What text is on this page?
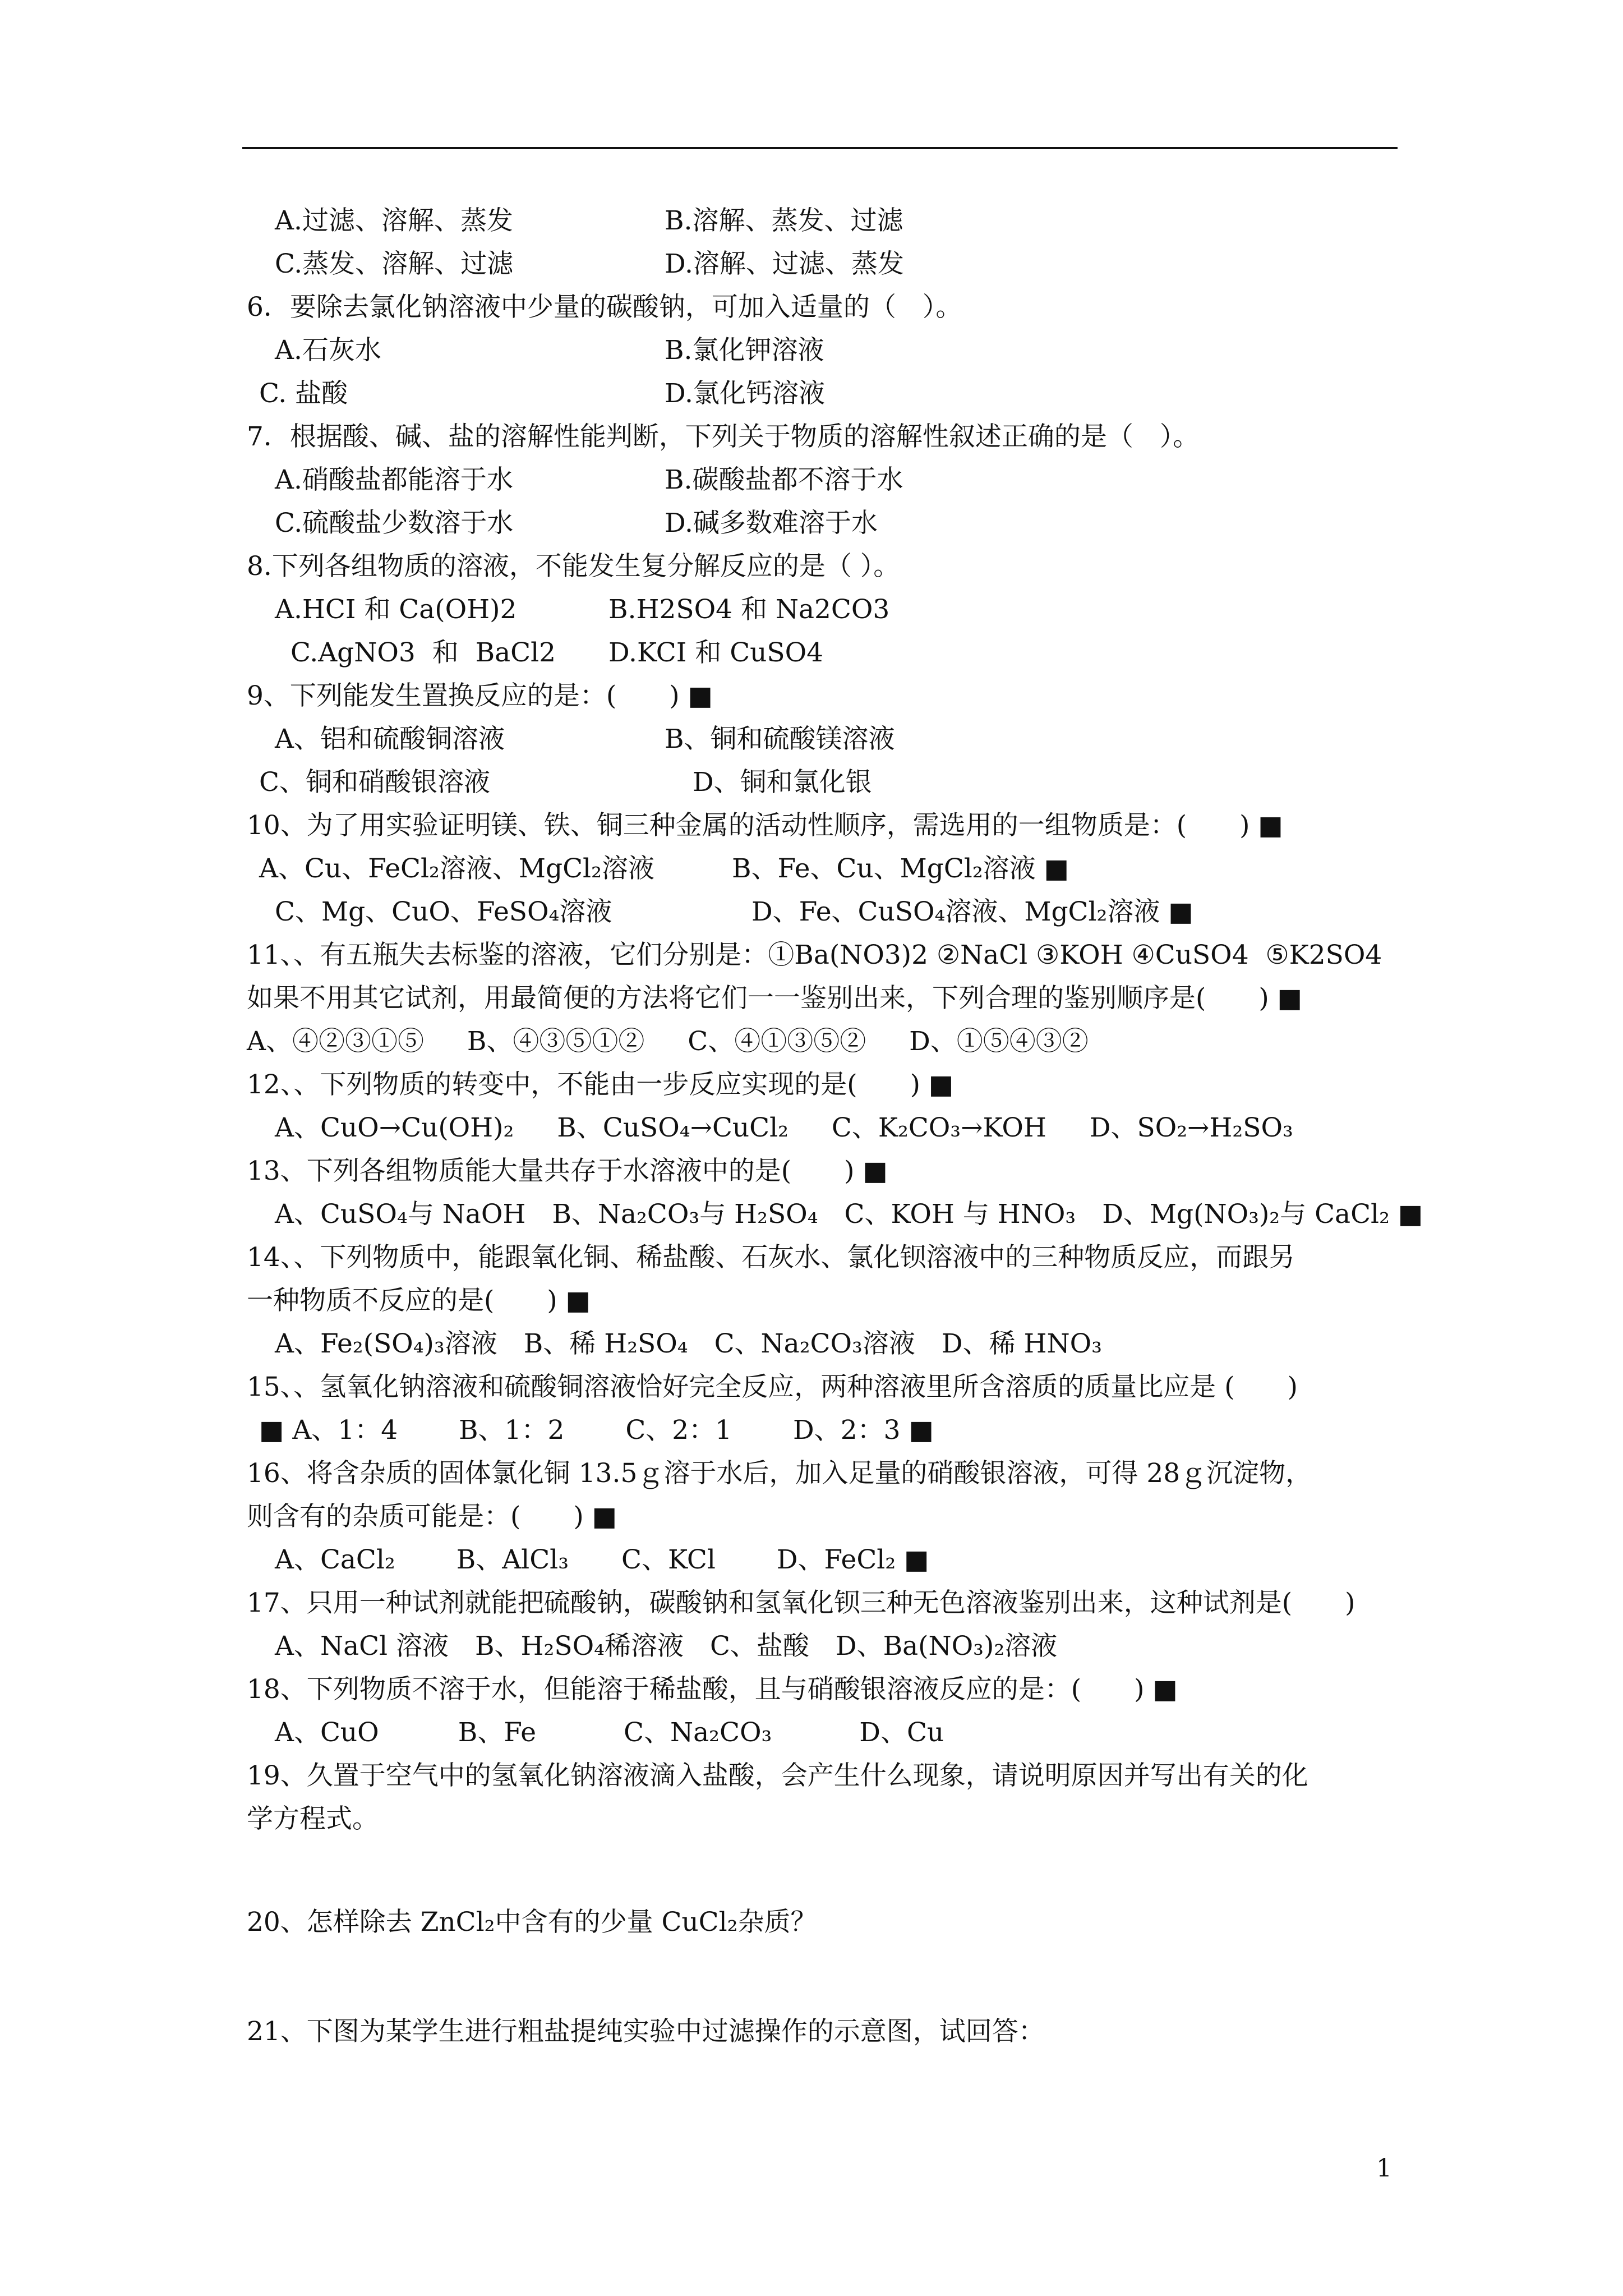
A.过滤、溶解、蒸发

	B.溶解、蒸发、过滤

C.蒸发、溶解、过滤

	D.溶解、过滤、蒸发

6．要除去氯化钠溶液中少量的碳酸钠，可加入适量的（　）。

A.石灰水

	B.氯化钾溶液

C. 盐酸

	D.氯化钙溶液

7．根据酸、碱、盐的溶解性能判断，下列关于物质的溶解性叙述正确的是（　）。

A.硝酸盐都能溶于水

	B.碳酸盐都不溶于水

C.硫酸盐少数溶于水

	D.碱多数难溶于水

8.下列各组物质的溶液，不能发生复分解反应的是（ ）。

A.HCI 和 Ca(OH)2

	B.H2SO4 和 Na2CO3

C.AgNO3  和  BaCl2

D.KCI 和 CuSO4

9、下列能发生置换反应的是：(　　) ■

A、铝和硫酸铜溶液

	B、铜和硫酸镁溶液

C、铜和硝酸银溶液

	D、铜和氯化银

10、为了用实验证明镁、铁、铜三种金属的活动性顺序，需选用的一组物质是：(　　) ■

A、Cu、FeCl₂溶液、MgCl₂溶液

	B、Fe、Cu、MgCl₂溶液 ■

C、Mg、CuO、FeSO₄溶液

	D、Fe、CuSO₄溶液、MgCl₂溶液 ■

11、、有五瓶失去标鉴的溶液，它们分别是：①Ba(NO3)2 ②NaCl ③KOH ④CuSO4  ⑤K2SO4
如果不用其它试剂，用最简便的方法将它们一一鉴别出来，下列合理的鉴别顺序是(　　) ■
A、④②③①⑤　  B、④③⑤①②　  C、④①③⑤②　  D、①⑤④③②
12、、下列物质的转变中，不能由一步反应实现的是(　　) ■
A、CuO→Cu(OH)₂　  B、CuSO₄→CuCl₂　  C、K₂CO₃→KOH　  D、SO₂→H₂SO₃
13、下列各组物质能大量共存于水溶液中的是(　　) ■
A、CuSO₄与 NaOH　B、Na₂CO₃与 H₂SO₄　C、KOH 与 HNO₃　D、Mg(NO₃)₂与 CaCl₂ ■
14、、下列物质中，能跟氧化铜、稀盐酸、石灰水、氯化钡溶液中的三种物质反应，而跟另
一种物质不反应的是(　　) ■
A、Fe₂(SO₄)₃溶液　B、稀 H₂SO₄　C、Na₂CO₃溶液　D、稀 HNO₃
15、、氢氧化钠溶液和硫酸铜溶液恰好完全反应，两种溶液里所含溶质的质量比应是 (　　)
■ A、1：4　　 B、1：2　　 C、2：1　　 D、2：3 ■
16、将含杂质的固体氯化铜 13.5ｇ溶于水后，加入足量的硝酸银溶液，可得 28ｇ沉淀物，
则含有的杂质可能是：(　　) ■
A、CaCl₂　　 B、AlCl₃　　C、KCl　　 D、FeCl₂ ■
17、只用一种试剂就能把硫酸钠，碳酸钠和氢氧化钡三种无色溶液鉴别出来，这种试剂是(　　)
A、NaCl 溶液　B、H₂SO₄稀溶液　C、盐酸　D、Ba(NO₃)₂溶液
18、下列物质不溶于水，但能溶于稀盐酸，且与硝酸银溶液反应的是：(　　) ■
A、CuO　　　B、Fe　　　 C、Na₂CO₃　　　 D、Cu
19、久置于空气中的氢氧化钠溶液滴入盐酸，会产生什么现象，请说明原因并写出有关的化
学方程式。
20、怎样除去 ZnCl₂中含有的少量 CuCl₂杂质？
21、下图为某学生进行粗盐提纯实验中过滤操作的示意图，试回答：
1
